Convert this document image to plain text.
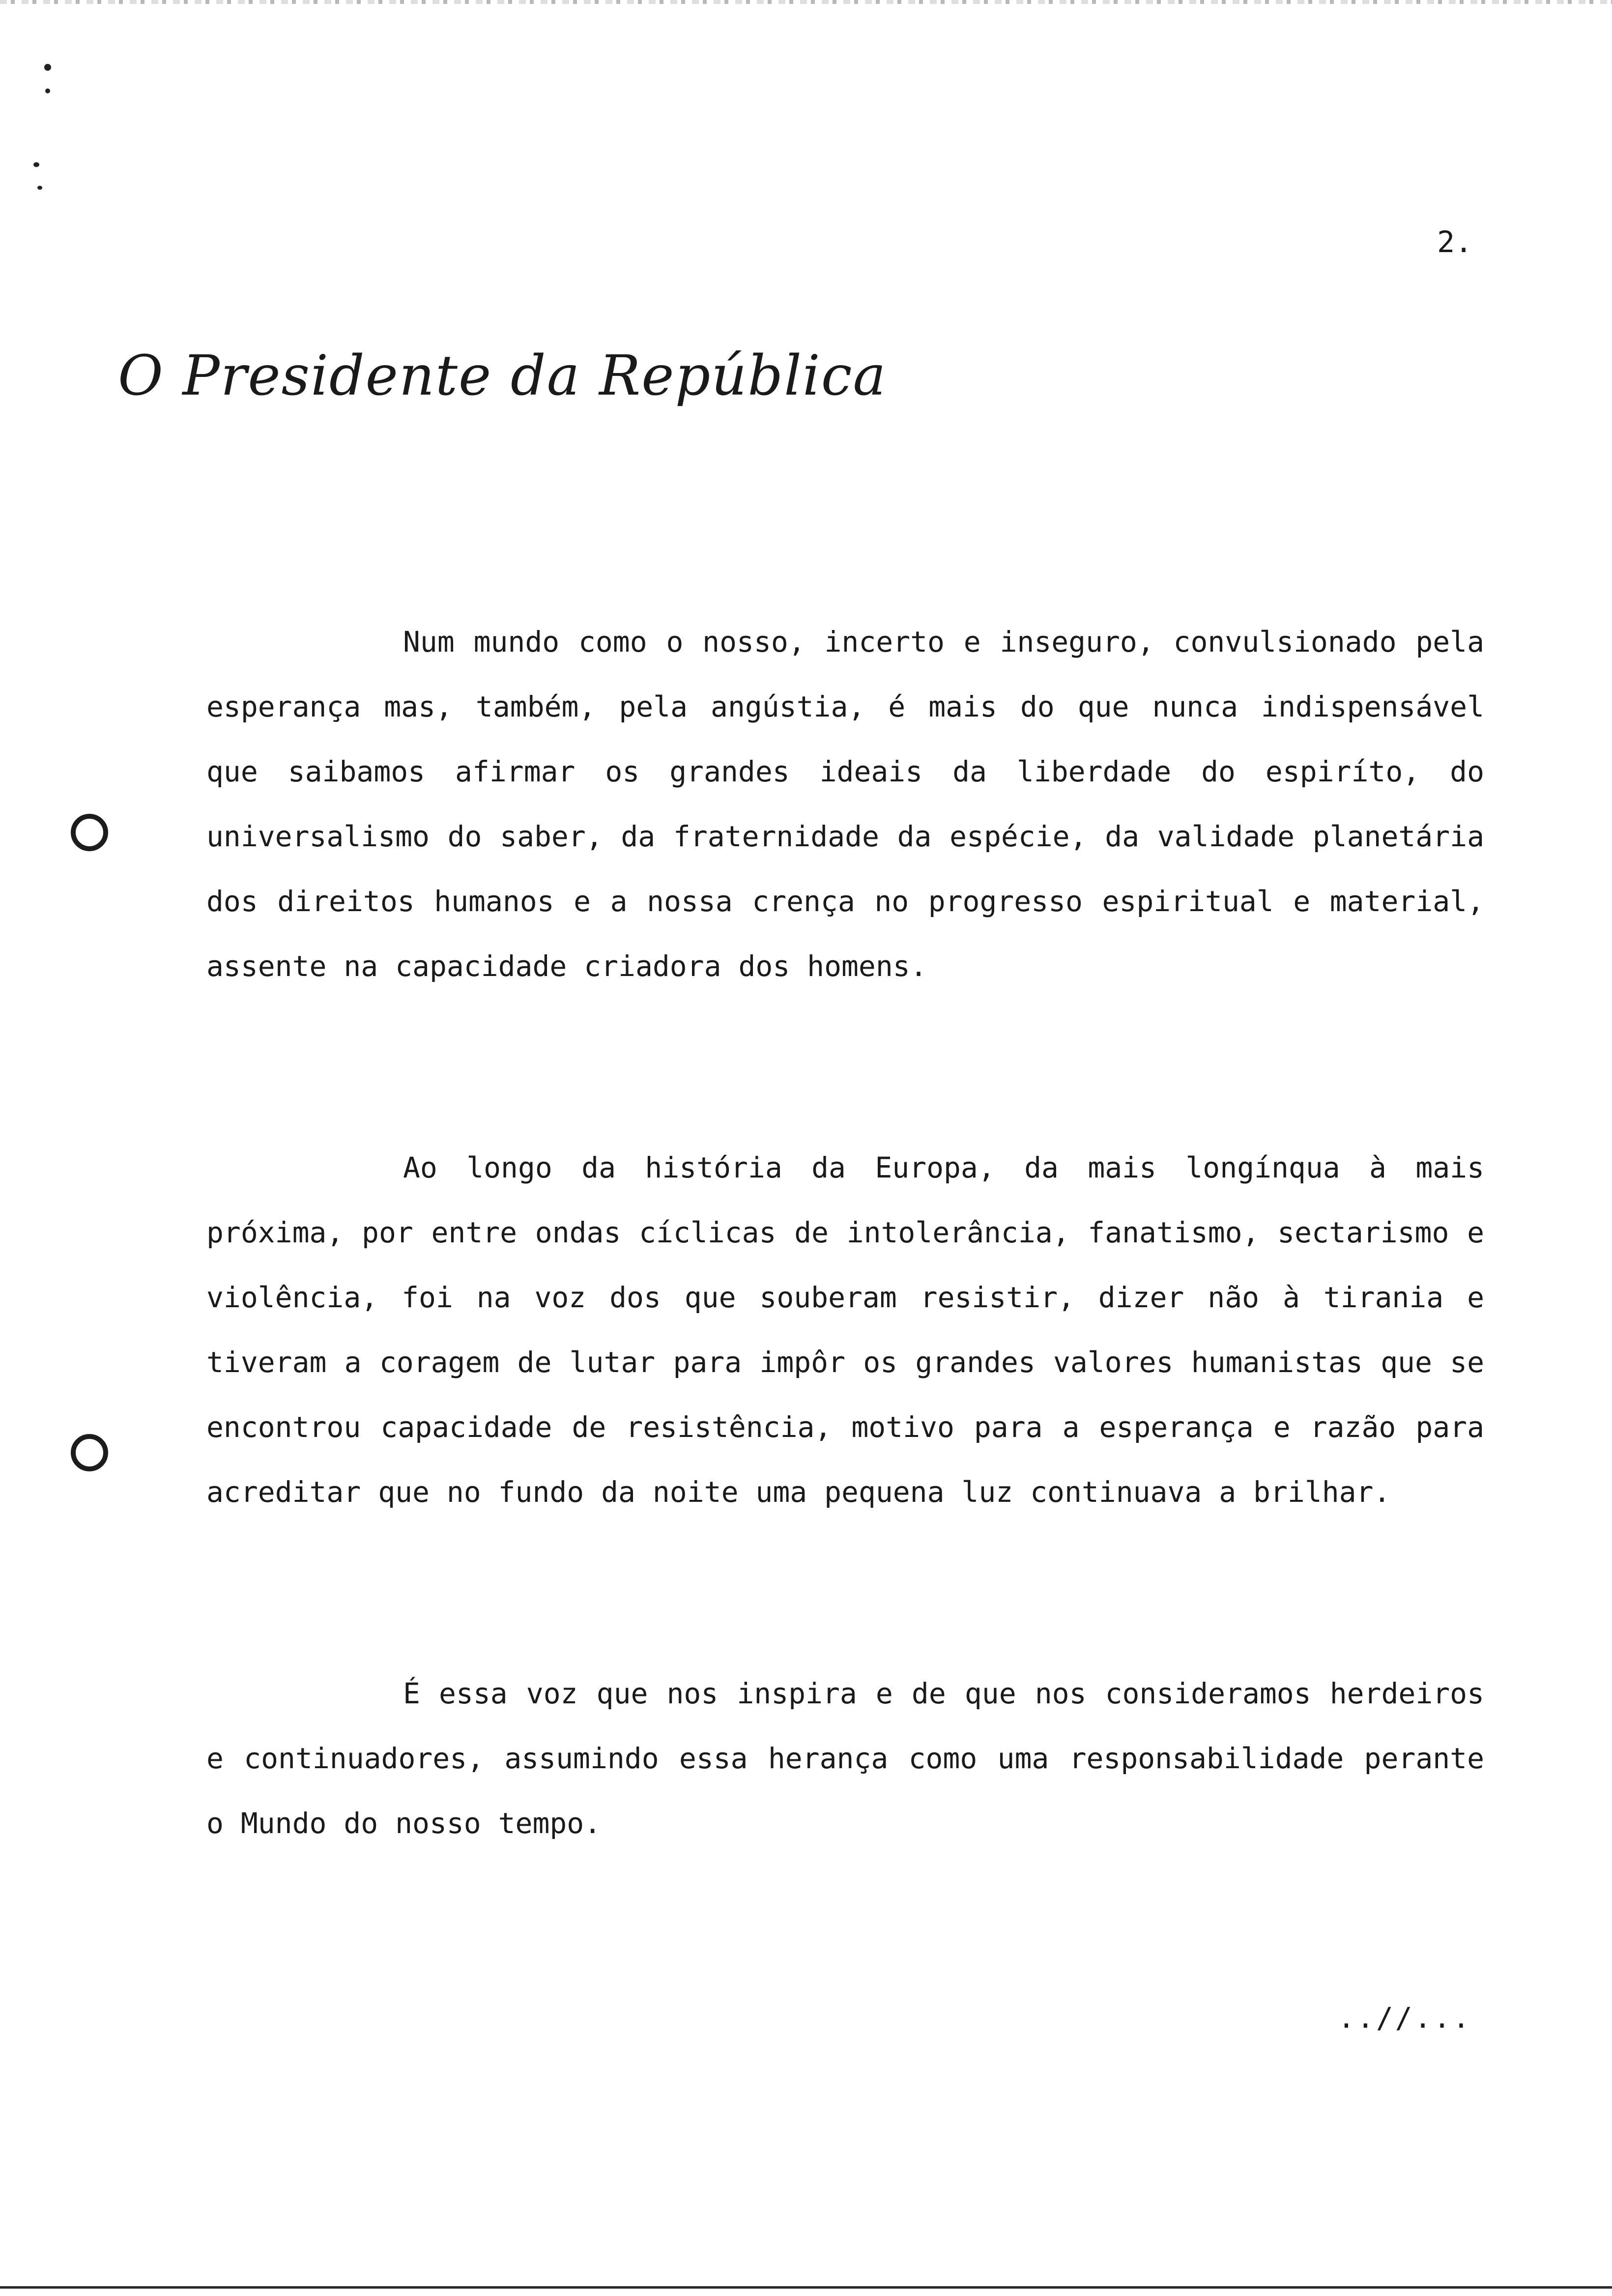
2.
O Presidente da República

Num mundo como o nosso, incerto e inseguro, convulsionado pela esperança mas, também, pela angústia, é mais do que nunca indispensável que saibamos afirmar os grandes ideais da liberdade do espiríto, do universalismo do saber, da fraternidade da espécie, da validade planetária dos direitos humanos e a nossa crença no progresso espiritual e material, assente na capacidade criadora dos homens.

Ao longo da história da Europa, da mais longínqua à mais próxima, por entre ondas cíclicas de intolerância, fanatismo, sectarismo e violência, foi na voz dos que souberam resistir, dizer não à tirania e tiveram a coragem de lutar para impôr os grandes valores humanistas que se encontrou capacidade de resistência, motivo para a esperança e razão para acreditar que no fundo da noite uma pequena luz continuava a brilhar.

É essa voz que nos inspira e de que nos consideramos herdeiros e continuadores, assumindo essa herança como uma responsabilidade perante o Mundo do nosso tempo.

..//...
